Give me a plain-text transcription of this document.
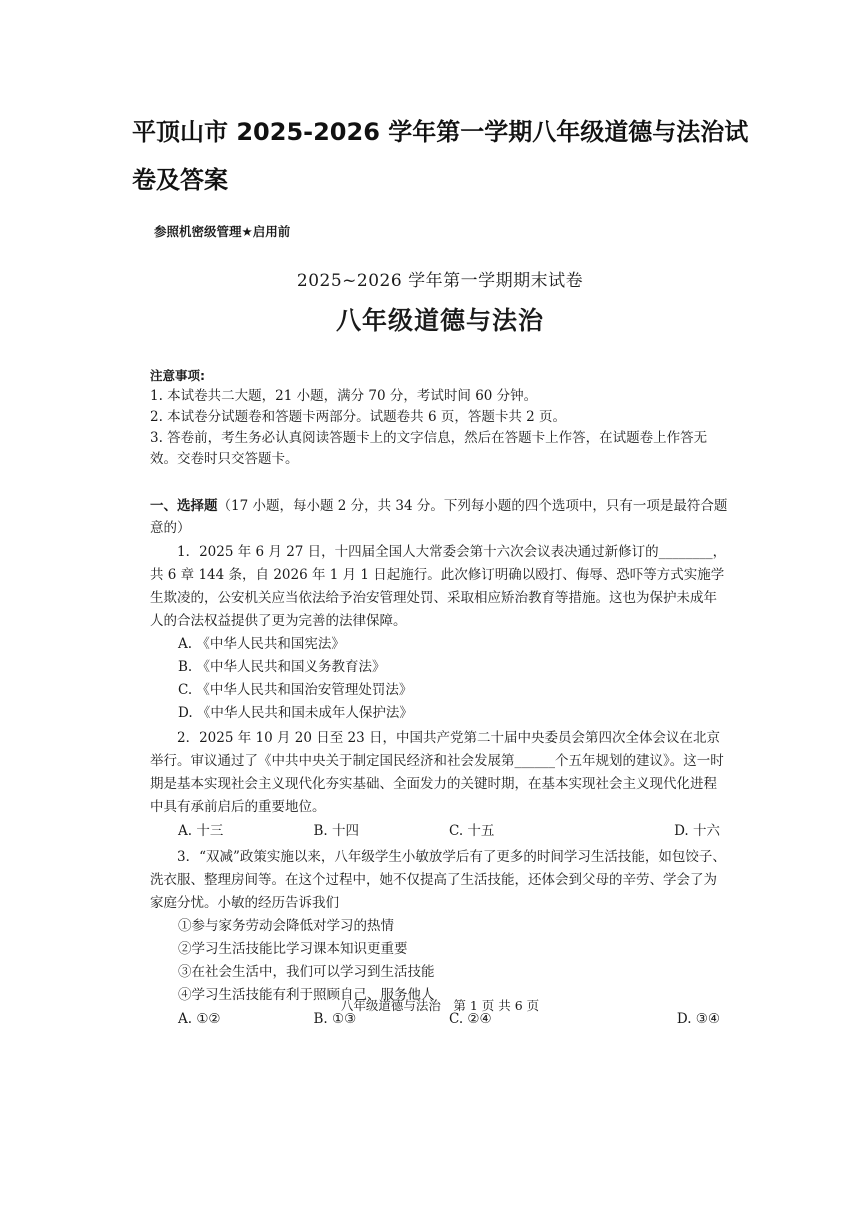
平顶山市 2025-2026 学年第一学期八年级道德与法治试卷及答案
参照机密级管理★启用前
2025~2026 学年第一学期期末试卷
八年级道德与法治
注意事项:

1. 本试卷共二大题，21 小题，满分 70 分，考试时间 60 分钟。

2. 本试卷分试题卷和答题卡两部分。试题卷共 6 页，答题卡共 2 页。

3. 答卷前，考生务必认真阅读答题卡上的文字信息，然后在答题卡上作答，在试题卷上作答无效。交卷时只交答题卡。

一、选择题（17 小题，每小题 2 分，共 34 分。下列每小题的四个选项中，只有一项是最符合题意的）
1．2025 年 6 月 27 日，十四届全国人大常委会第十六次会议表决通过新修订的________，共 6 章 144 条，自 2026 年 1 月 1 日起施行。此次修订明确以殴打、侮辱、恐吓等方式实施学生欺凌的，公安机关应当依法给予治安管理处罚、采取相应矫治教育等措施。这也为保护未成年人的合法权益提供了更为完善的法律保障。
A. 《中华人民共和国宪法》
B. 《中华人民共和国义务教育法》
C. 《中华人民共和国治安管理处罚法》
D. 《中华人民共和国未成年人保护法》
2．2025 年 10 月 20 日至 23 日，中国共产党第二十届中央委员会第四次全体会议在北京举行。审议通过了《中共中央关于制定国民经济和社会发展第______个五年规划的建议》。这一时期是基本实现社会主义现代化夯实基础、全面发力的关键时期，在基本实现社会主义现代化进程中具有承前启后的重要地位。
A. 十三	B. 十四	C. 十五	D. 十六
3．“双减”政策实施以来，八年级学生小敏放学后有了更多的时间学习生活技能，如包饺子、洗衣服、整理房间等。在这个过程中，她不仅提高了生活技能，还体会到父母的辛劳、学会了为家庭分忧。小敏的经历告诉我们
①参与家务劳动会降低对学习的热情
②学习生活技能比学习课本知识更重要
③在社会生活中，我们可以学习到生活技能
④学习生活技能有利于照顾自己、服务他人
A. ①②	B. ①③	C. ②④	D. ③④
八年级道德与法治　第 1 页 共 6 页
